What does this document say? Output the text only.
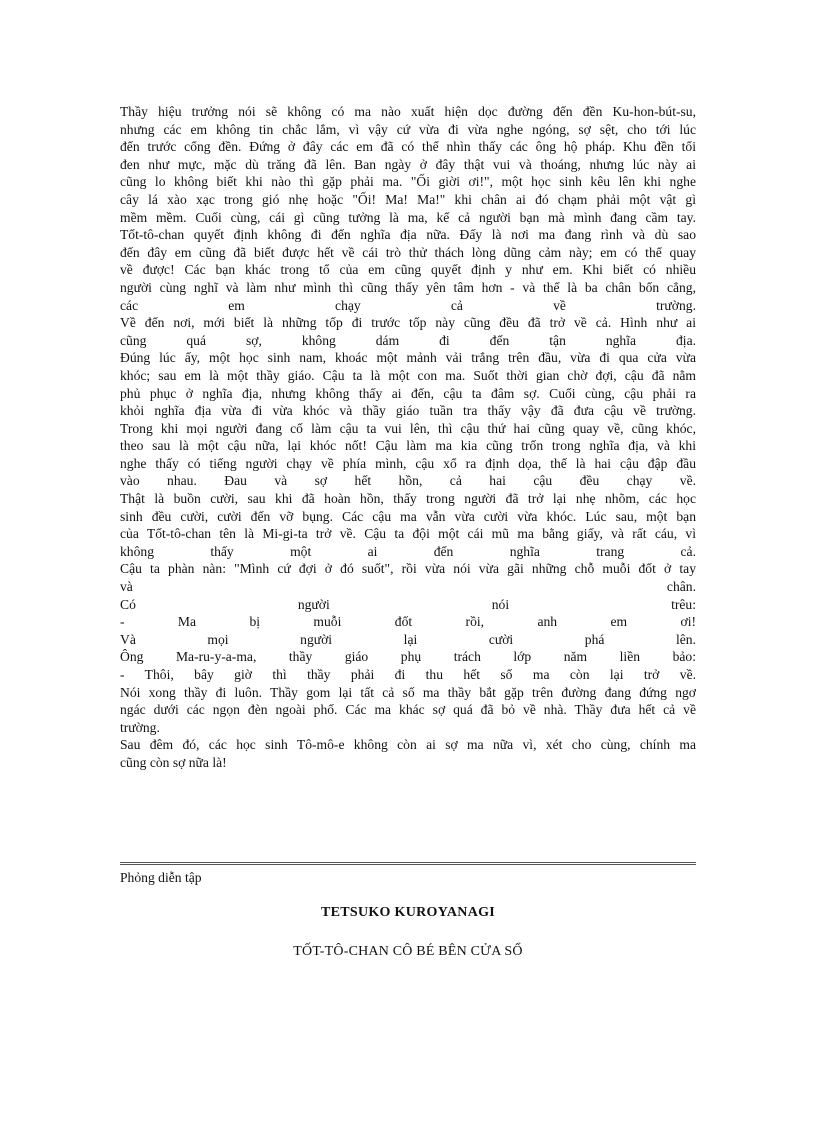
Thầy hiệu trưởng nói sẽ không có ma nào xuất hiện dọc đường đến đền Ku-hon-bút-su,
nhưng các em không tin chắc lắm, vì vậy cứ vừa đi vừa nghe ngóng, sợ sệt, cho tới lúc
đến trước cổng đền. Đứng ở đây các em đã có thể nhìn thấy các ông hộ pháp. Khu đền tối
đen như mực, mặc dù trăng đã lên. Ban ngày ở đây thật vui và thoáng, nhưng lúc này ai
cũng lo không biết khi nào thì gặp phải ma. "Ối giời ơi!", một học sinh kêu lên khi nghe
cây lá xào xạc trong gió nhẹ hoặc "Ối! Ma! Ma!" khi chân ai đó chạm phải một vật gì
mềm mềm. Cuối cùng, cái gì cũng tưởng là ma, kể cả người bạn mà mình đang cầm tay.
Tốt-tô-chan quyết định không đi đến nghĩa địa nữa. Đấy là nơi ma đang rình và dù sao
đến đây em cũng đã biết được hết về cái trò thử thách lòng dũng cảm này; em có thể quay
về được! Các bạn khác trong tổ của em cũng quyết định y như em. Khi biết có nhiều
người cùng nghĩ và làm như mình thì cũng thấy yên tâm hơn - và thế là ba chân bốn cẳng,
các em chạy cả về trường.
Về đến nơi, mới biết là những tốp đi trước tốp này cũng đều đã trở về cả. Hình như ai
cũng quá sợ, không dám đi đến tận nghĩa địa.
Đúng lúc ấy, một học sinh nam, khoác một mảnh vải trắng trên đầu, vừa đi qua cửa vừa
khóc; sau em là một thầy giáo. Cậu ta là một con ma. Suốt thời gian chờ đợi, cậu đã nằm
phủ phục ở nghĩa địa, nhưng không thấy ai đến, cậu ta đâm sợ. Cuối cùng, cậu phải ra
khỏi nghĩa địa vừa đi vừa khóc và thầy giáo tuần tra thấy vậy đã đưa cậu về trường.
Trong khi mọi người đang cố làm cậu ta vui lên, thì cậu thứ hai cũng quay về, cũng khóc,
theo sau là một cậu nữa, lại khóc nốt! Cậu làm ma kia cũng trốn trong nghĩa địa, và khi
nghe thấy có tiếng người chạy về phía mình, cậu xổ ra định dọa, thế là hai cậu đập đầu
vào nhau. Đau và sợ hết hồn, cả hai cậu đều chạy về.
Thật là buồn cười, sau khi đã hoàn hồn, thấy trong người đã trở lại nhẹ nhõm, các học
sinh đều cười, cười đến vỡ bụng. Các cậu ma vẫn vừa cười vừa khóc. Lúc sau, một bạn
của Tốt-tô-chan tên là Mi-gi-ta trở về. Cậu ta đội một cái mũ ma bằng giấy, và rất cáu, vì
không thấy một ai đến nghĩa trang cả.
Cậu ta phàn nàn: "Mình cứ đợi ở đó suốt", rồi vừa nói vừa gãi những chỗ muỗi đốt ở tay
và chân.
Có người nói trêu:
- Ma bị muỗi đốt rồi, anh em ơi!
Và mọi người lại cười phá lên.
Ông Ma-ru-y-a-ma, thầy giáo phụ trách lớp năm liền bảo:
- Thôi, bây giờ thì thầy phải đi thu hết số ma còn lại trở về.
Nói xong thầy đi luôn. Thầy gom lại tất cả số ma thầy bắt gặp trên đường đang đứng ngơ
ngác dưới các ngọn đèn ngoài phố. Các ma khác sợ quá đã bỏ về nhà. Thầy đưa hết cả về
trường.
Sau đêm đó, các học sinh Tô-mô-e không còn ai sợ ma nữa vì, xét cho cùng, chính ma
cũng còn sợ nữa là!
Phỏng diễn tập
TETSUKO KUROYANAGI
TỐT-TÔ-CHAN CÔ BÉ BÊN CỬA SỔ
